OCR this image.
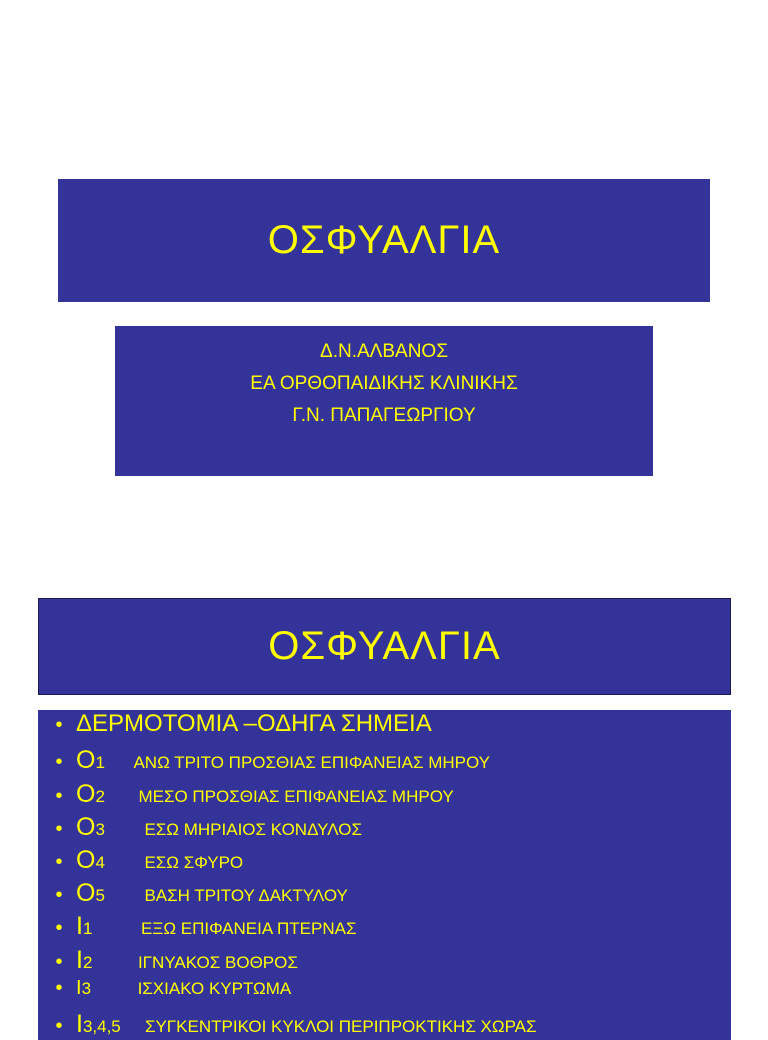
ΟΣΦΥΑΛΓΙΑ
Δ.Ν.ΑΛΒΑΝΟΣ
ΕΑ ΟΡΘΟΠΑΙΔΙΚΗΣ ΚΛΙΝΙΚΗΣ
Γ.Ν. ΠΑΠΑΓΕΩΡΓΙΟΥ
ΟΣΦΥΑΛΓΙΑ
• ΔΕΡΜΟΤΟΜΙΑ –ΟΔΗΓΑ ΣΗΜΕΙΑ
• Ο 1	ΑΝΩ ΤΡΙΤΟ ΠΡΟΣΘΙΑΣ ΕΠΙΦΑΝΕΙΑΣ ΜΗΡΟΥ
• Ο 2	ΜΕΣΟ ΠΡΟΣΘΙΑΣ ΕΠΙΦΑΝΕΙΑΣ ΜΗΡΟΥ
• Ο 3	ΕΣΩ ΜΗΡΙΑΙΟΣ ΚΟΝΔΥΛΟΣ
• Ο 4	ΕΣΩ ΣΦΥΡΟ
• Ο 5	ΒΑΣΗ ΤΡΙΤΟΥ ΔΑΚΤΥΛΟΥ
• Ι 1	ΕΞΩ ΕΠΙΦΑΝΕΙΑ ΠΤΕΡΝΑΣ
• Ι 2	ΙΓΝΥΑΚΟΣ ΒΟΘΡΟΣ
• Ι 3	ΙΣΧΙΑΚΟ ΚΥΡΤΩΜΑ
• Ι 3,4,5	ΣΥΓΚΕΝΤΡΙΚΟΙ ΚΥΚΛΟΙ ΠΕΡΙΠΡΟΚΤΙΚΗΣ ΧΩΡΑΣ
